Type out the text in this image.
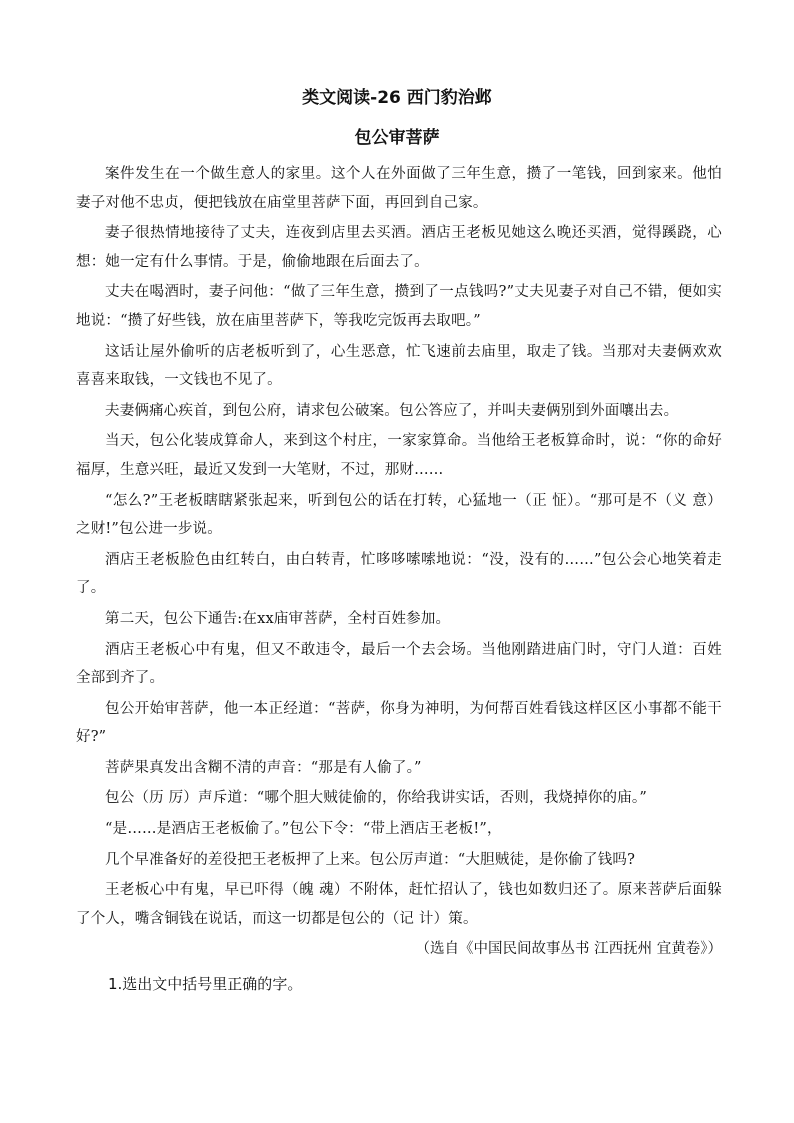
类文阅读-26 西门豹治邺
包公审菩萨

案件发生在一个做生意人的家里。这个人在外面做了三年生意，攒了一笔钱，回到家来。他怕妻子对他不忠贞，便把钱放在庙堂里菩萨下面，再回到自己家。

妻子很热情地接待了丈夫，连夜到店里去买酒。酒店王老板见她这么晚还买酒，觉得蹊跷，心想：她一定有什么事情。于是，偷偷地跟在后面去了。

丈夫在喝酒时，妻子问他：“做了三年生意，攒到了一点钱吗?”丈夫见妻子对自己不错，便如实地说：“攒了好些钱，放在庙里菩萨下，等我吃完饭再去取吧。”

这话让屋外偷听的店老板听到了，心生恶意，忙飞速前去庙里，取走了钱。当那对夫妻俩欢欢喜喜来取钱，一文钱也不见了。

夫妻俩痛心疾首，到包公府，请求包公破案。包公答应了，并叫夫妻俩别到外面嚷出去。

当天，包公化装成算命人，来到这个村庄，一家家算命。当他给王老板算命时，说：“你的命好福厚，生意兴旺，最近又发到一大笔财，不过，那财……

“怎么?”王老板瞎瞎紧张起来，听到包公的话在打转，心猛地一（正 怔）。“那可是不（义 意）之财!”包公进一步说。

酒店王老板脸色由红转白，由白转青，忙哆哆嗦嗦地说：“没，没有的……”包公会心地笑着走了。

第二天，包公下通告:在xx庙审菩萨，全村百姓参加。

酒店王老板心中有鬼，但又不敢违令，最后一个去会场。当他刚踏进庙门时，守门人道：百姓全部到齐了。

包公开始审菩萨，他一本正经道：“菩萨，你身为神明，为何帮百姓看钱这样区区小事都不能干好?”

菩萨果真发出含糊不清的声音：“那是有人偷了。”

包公（历 厉）声斥道：“哪个胆大贼徒偷的，你给我讲实话，否则，我烧掉你的庙。”

“是……是酒店王老板偷了。”包公下令：“带上酒店王老板!”，

几个早准备好的差役把王老板押了上来。包公厉声道：“大胆贼徒，是你偷了钱吗?

王老板心中有鬼，早已吓得（魄 魂）不附体，赶忙招认了，钱也如数归还了。原来菩萨后面躲了个人，嘴含铜钱在说话，而这一切都是包公的（记 计）策。

（选自《中国民间故事丛书 江西抚州 宜黄卷》）

1.选出文中括号里正确的字。
